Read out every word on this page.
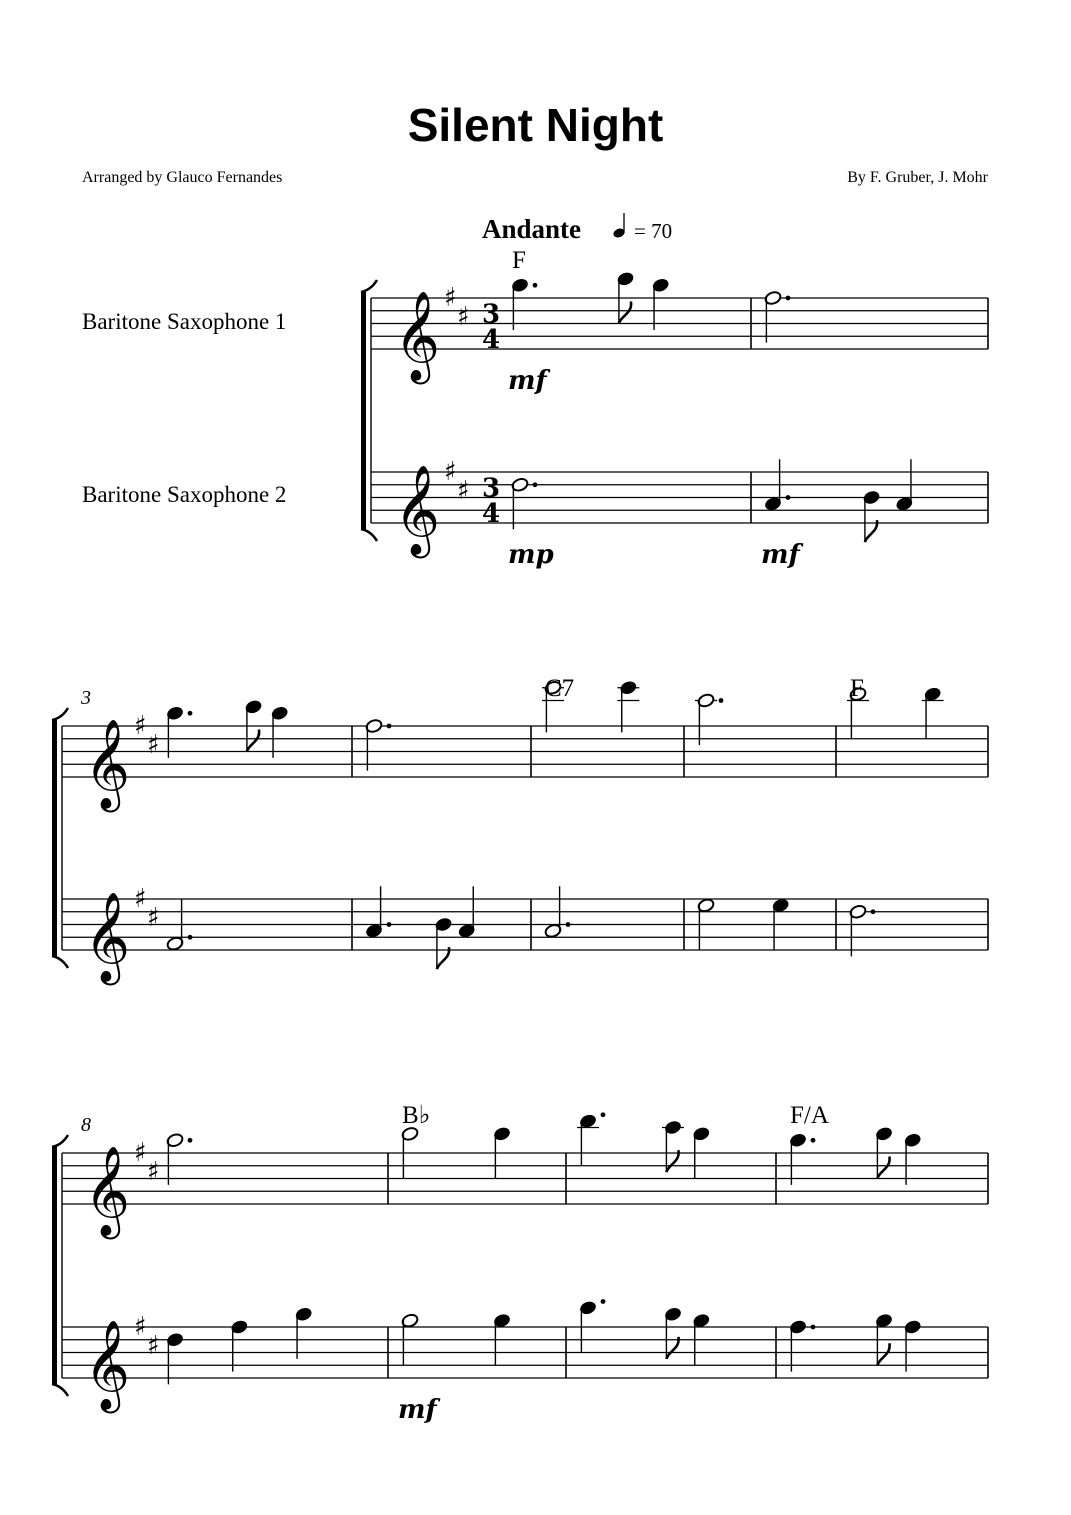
Silent Night
Arranged by Glauco Fernandes	By F. Gruber, J. Mohr
Baritone Saxophone 1
Baritone Saxophone 2
Andante	= 70
𝄞 ♯
♯ 3
4
𝄞 ♯
♯ 3
4
F
mf
mp	mf
𝄞 ♯
♯
𝄞 ♯
♯
3	C7	F
𝄞 ♯
♯
𝄞 ♯
♯
8	B♭
mf
F/A
